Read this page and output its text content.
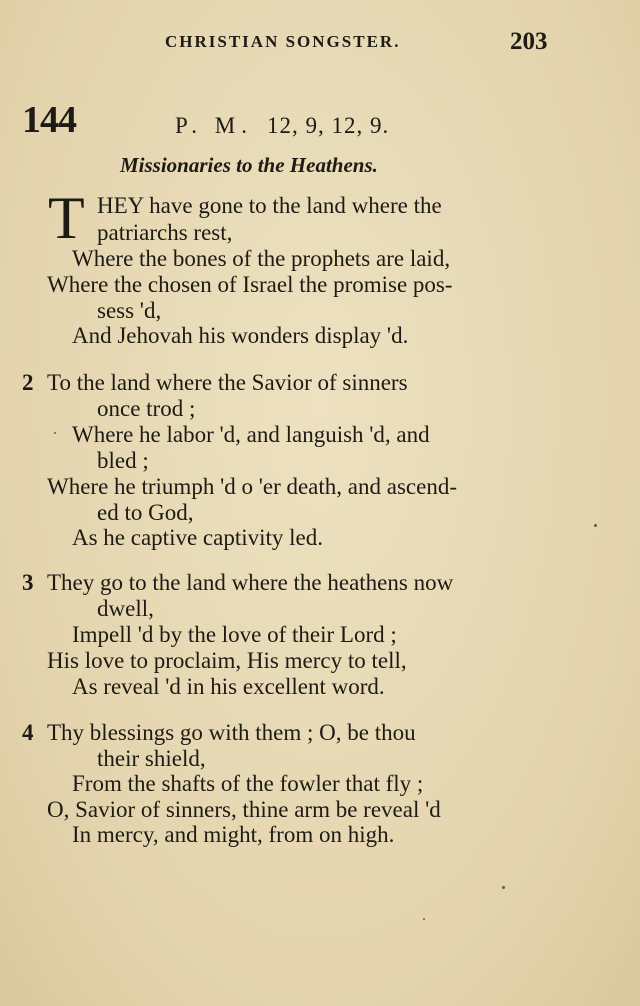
CHRISTIAN SONGSTER.	203
144	P. M. 12, 9, 12, 9.
Missionaries to the Heathens.
T HEY have gone to the land where the
patriarchs rest,
Where the bones of the prophets are laid,
Where the chosen of Israel the promise pos-
sess 'd,
And Jehovah his wonders display 'd.
2 To the land where the Savior of sinners
once trod ;
Where he labor 'd, and languish 'd, and
bled ;
Where he triumph 'd o 'er death, and ascend-
ed to God,
As he captive captivity led.
3 They go to the land where the heathens now
dwell,
Impell 'd by the love of their Lord ;
His love to proclaim, His mercy to tell,
As reveal 'd in his excellent word.
4 Thy blessings go with them ; O, be thou
their shield,
From the shafts of the fowler that fly ;
O, Savior of sinners, thine arm be reveal 'd
In mercy, and might, from on high.
